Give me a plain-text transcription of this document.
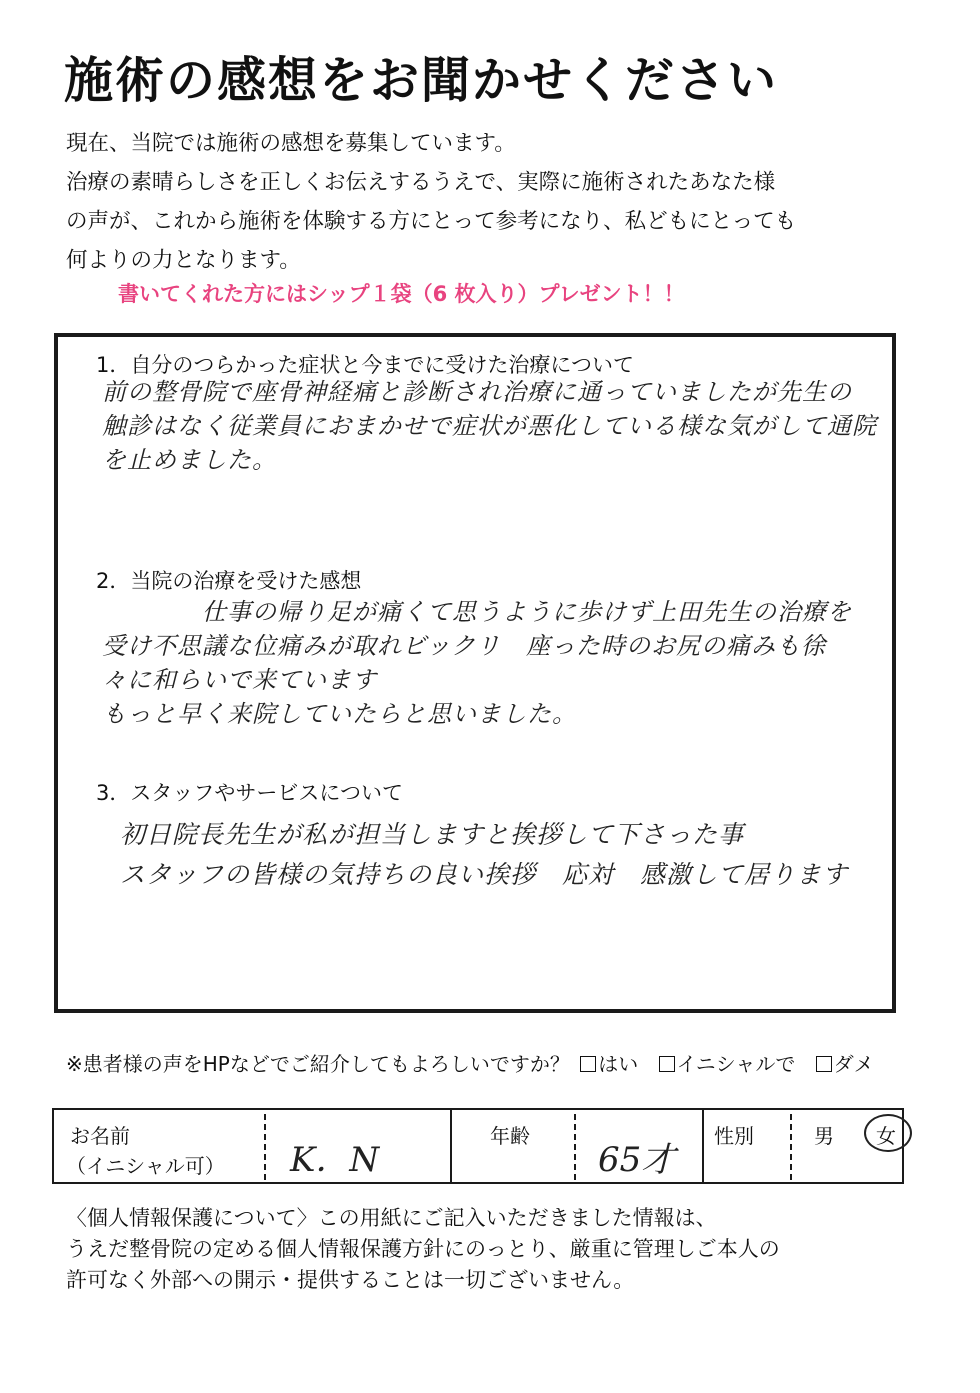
施術の感想をお聞かせください
現在、当院では施術の感想を募集しています。
治療の素晴らしさを正しくお伝えするうえで、実際に施術されたあなた様
の声が、これから施術を体験する方にとって参考になり、私どもにとっても
何よりの力となります。
書いてくれた方にはシップ１袋（6 枚入り）プレゼント！！
1．自分のつらかった症状と今までに受けた治療について
前の整骨院で座骨神経痛と診断され治療に通っていましたが先生の
触診はなく従業員におまかせで症状が悪化している様な気がして通院
を止めました。
2．当院の治療を受けた感想
仕事の帰り足が痛くて思うように歩けず上田先生の治療を
受け不思議な位痛みが取れビックリ　座った時のお尻の痛みも徐
々に和らいで来ています
もっと早く来院していたらと思いました。
3．スタッフやサービスについて
初日院長先生が私が担当しますと挨拶して下さった事
スタッフの皆様の気持ちの良い挨拶　応対　感激して居ります
※患者様の声をHPなどでご紹介してもよろしいですか？ はい イニシャルで ダメ
お名前
（イニシャル可） K．N
年齢
65才
性別	男 女
〈個人情報保護について〉この用紙にご記入いただきました情報は、
うえだ整骨院の定める個人情報保護方針にのっとり、厳重に管理しご本人の
許可なく外部への開示・提供することは一切ございません。
